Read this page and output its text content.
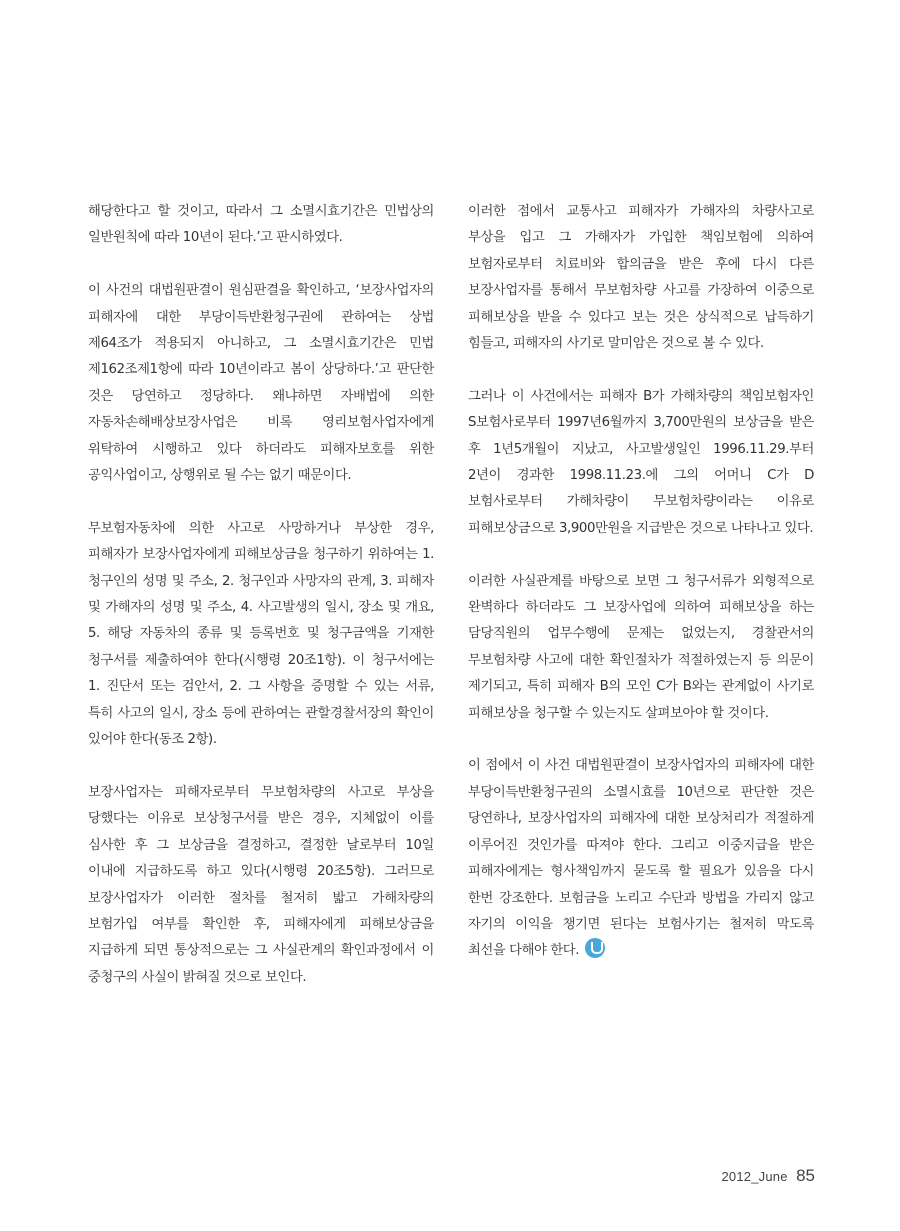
해당한다고 할 것이고, 따라서 그 소멸시효기간은 민법상의 일반원칙에 따라 10년이 된다.’고 판시하였다.

이 사건의 대법원판결이 원심판결을 확인하고, ‘보장사업자의 피해자에 대한 부당이득반환청구권에 관하여는 상법 제64조가 적용되지 아니하고, 그 소멸시효기간은 민법 제162조제1항에 따라 10년이라고 봄이 상당하다.’고 판단한 것은 당연하고 정당하다. 왜냐하면 자배법에 의한 자동차손해배상보장사업은 비록 영리보험사업자에게 위탁하여 시행하고 있다 하더라도 피해자보호를 위한 공익사업이고, 상행위로 될 수는 없기 때문이다.

무보험자동차에 의한 사고로 사망하거나 부상한 경우, 피해자가 보장사업자에게 피해보상금을 청구하기 위하여는 1. 청구인의 성명 및 주소, 2. 청구인과 사망자의 관계, 3. 피해자 및 가해자의 성명 및 주소, 4. 사고발생의 일시, 장소 및 개요, 5. 해당 자동차의 종류 및 등록번호 및 청구금액을 기재한 청구서를 제출하여야 한다(시행령 20조1항). 이 청구서에는 1. 진단서 또는 검안서, 2. 그 사항을 증명할 수 있는 서류, 특히 사고의 일시, 장소 등에 관하여는 관할경찰서장의 확인이 있어야 한다(동조 2항).

보장사업자는 피해자로부터 무보험차량의 사고로 부상을 당했다는 이유로 보상청구서를 받은 경우, 지체없이 이를 심사한 후 그 보상금을 결정하고, 결정한 날로부터 10일 이내에 지급하도록 하고 있다(시행령 20조5항). 그러므로 보장사업자가 이러한 절차를 철저히 밟고 가해차량의 보험가입 여부를 확인한 후, 피해자에게 피해보상금을 지급하게 되면 통상적으로는 그 사실관계의 확인과정에서 이 중청구의 사실이 밝혀질 것으로 보인다.

이러한 점에서 교통사고 피해자가 가해자의 차량사고로 부상을 입고 그 가해자가 가입한 책임보험에 의하여 보험자로부터 치료비와 합의금을 받은 후에 다시 다른 보장사업자를 통해서 무보험차량 사고를 가장하여 이중으로 피해보상을 받을 수 있다고 보는 것은 상식적으로 납득하기 힘들고, 피해자의 사기로 말미암은 것으로 볼 수 있다.

그러나 이 사건에서는 피해자 B가 가해차량의 책임보험자인 S보험사로부터 1997년6월까지 3,700만원의 보상금을 받은 후 1년5개월이 지났고, 사고발생일인 1996.11.29.부터 2년이 경과한 1998.11.23.에 그의 어머니 C가 D 보험사로부터 가해차량이 무보험차량이라는 이유로 피해보상금으로 3,900만원을 지급받은 것으로 나타나고 있다.

이러한 사실관계를 바탕으로 보면 그 청구서류가 외형적으로 완벽하다 하더라도 그 보장사업에 의하여 피해보상을 하는 담당직원의 업무수행에 문제는 없었는지, 경찰관서의 무보험차량 사고에 대한 확인절차가 적절하였는지 등 의문이 제기되고, 특히 피해자 B의 모인 C가 B와는 관계없이 사기로 피해보상을 청구할 수 있는지도 살펴보아야 할 것이다.

이 점에서 이 사건 대법원판결이 보장사업자의 피해자에 대한 부당이득반환청구권의 소멸시효를 10년으로 판단한 것은 당연하나, 보장사업자의 피해자에 대한 보상처리가 적절하게 이루어진 것인가를 따져야 한다. 그리고 이중지급을 받은 피해자에게는 형사책임까지 묻도록 할 필요가 있음을 다시 한번 강조한다. 보험금을 노리고 수단과 방법을 가리지 않고 자기의 이익을 챙기면 된다는 보험사기는 철저히 막도록 최선을 다해야 한다.

2012_June 85
